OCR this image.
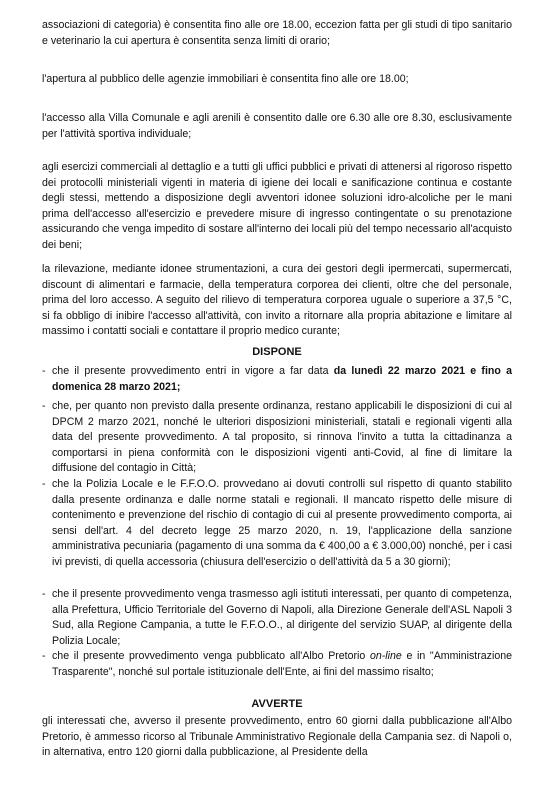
associazioni di categoria) è consentita fino alle ore 18.00, eccezion fatta per gli studi di tipo sanitario e veterinario la cui apertura è consentita senza limiti di orario;

l'apertura al pubblico delle agenzie immobiliari è consentita fino alle ore 18.00;

l'accesso alla Villa Comunale e agli arenili è consentito dalle ore 6.30 alle ore 8.30, esclusivamente per l'attività sportiva individuale;

agli esercizi commerciali al dettaglio e a tutti gli uffici pubblici e privati di attenersi al rigoroso rispetto dei protocolli ministeriali vigenti in materia di igiene dei locali e sanificazione continua e costante degli stessi, mettendo a disposizione degli avventori idonee soluzioni idro-alcoliche per le mani prima dell'accesso all'esercizio e prevedere misure di ingresso contingentate o su prenotazione assicurando che venga impedito di sostare all'interno dei locali più del tempo necessario all'acquisto dei beni;

la rilevazione, mediante idonee strumentazioni, a cura dei gestori degli ipermercati, supermercati, discount di alimentari e farmacie, della temperatura corporea dei clienti, oltre che del personale, prima del loro accesso. A seguito del rilievo di temperatura corporea uguale o superiore a 37,5 °C, si fa obbligo di inibire l'accesso all'attività, con invito a ritornare alla propria abitazione e limitare al massimo i contatti sociali e contattare il proprio medico curante;

DISPONE
- che il presente provvedimento entri in vigore a far data da lunedì 22 marzo 2021 e fino a domenica 28 marzo 2021;

- che, per quanto non previsto dalla presente ordinanza, restano applicabili le disposizioni di cui al DPCM 2 marzo 2021, nonché le ulteriori disposizioni ministeriali, statali e regionali vigenti alla data del presente provvedimento. A tal proposito, si rinnova l'invito a tutta la cittadinanza a comportarsi in piena conformità con le disposizioni vigenti anti-Covid, al fine di limitare la diffusione del contagio in Città;

- che la Polizia Locale e le F.F.O.O. provvedano ai dovuti controlli sul rispetto di quanto stabilito dalla presente ordinanza e dalle norme statali e regionali. Il mancato rispetto delle misure di contenimento e prevenzione del rischio di contagio di cui al presente provvedimento comporta, ai sensi dell'art. 4 del decreto legge 25 marzo 2020, n. 19, l'applicazione della sanzione amministrativa pecuniaria (pagamento di una somma da € 400,00 a € 3.000,00) nonché, per i casi ivi previsti, di quella accessoria (chiusura dell'esercizio o dell'attività da 5 a 30 giorni);

- che il presente provvedimento venga trasmesso agli istituti interessati, per quanto di competenza, alla Prefettura, Ufficio Territoriale del Governo di Napoli, alla Direzione Generale dell'ASL Napoli 3 Sud, alla Regione Campania, a tutte le F.F.O.O., al dirigente del servizio SUAP, al dirigente della Polizia Locale;

- che il presente provvedimento venga pubblicato all'Albo Pretorio on-line e in "Amministrazione Trasparente", nonché sul portale istituzionale dell'Ente, ai fini del massimo risalto;

AVVERTE

gli interessati che, avverso il presente provvedimento, entro 60 giorni dalla pubblicazione all'Albo Pretorio, è ammesso ricorso al Tribunale Amministrativo Regionale della Campania sez. di Napoli o, in alternativa, entro 120 giorni dalla pubblicazione, al Presidente della
